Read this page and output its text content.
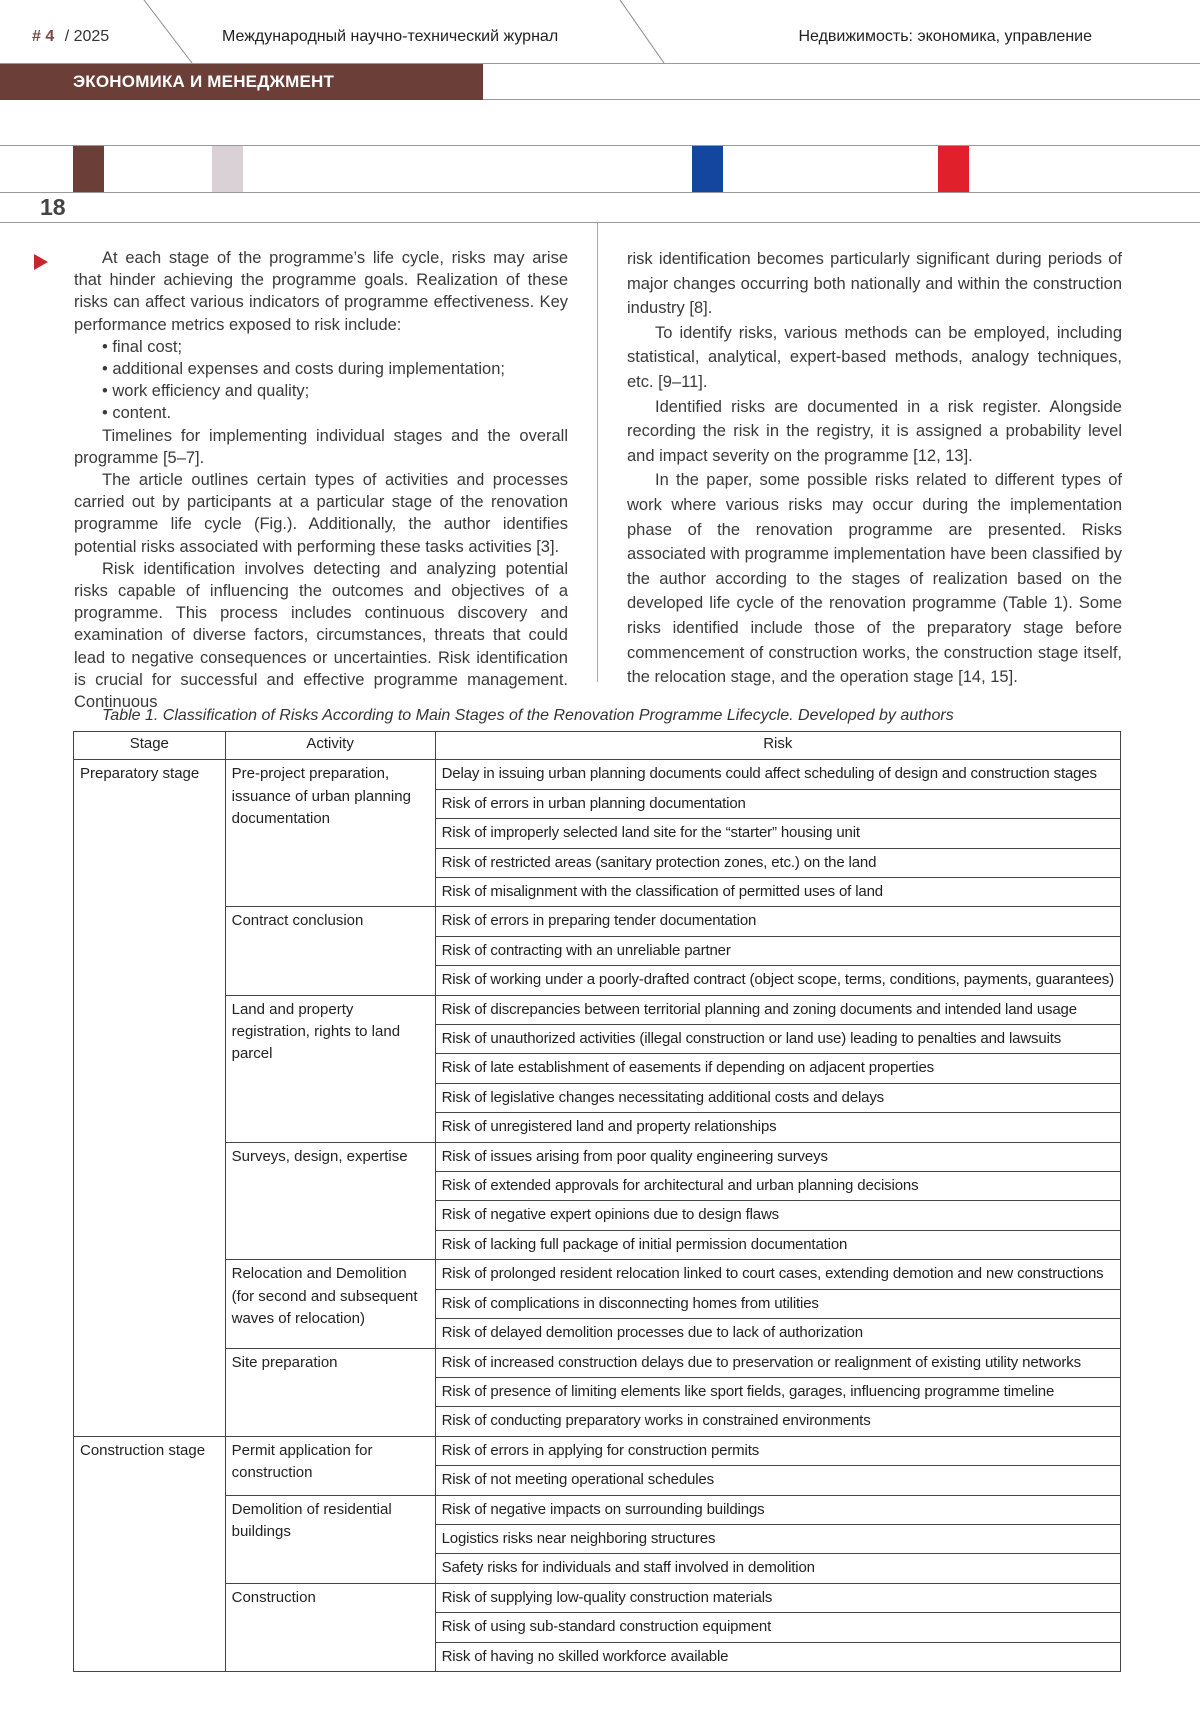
# 4 / 2025	Международный научно-технический журнал	Недвижимость: экономика, управление
ЭКОНОМИКА И МЕНЕДЖМЕНТ НЕДВИЖИМОСТИ
18

At each stage of the programme’s life cycle, risks may arise that hinder achieving the programme goals. Realization of these risks can affect various indicators of programme effectiveness. Key performance metrics exposed to risk include:

• final cost;
• additional expenses and costs during implementation;
• work efficiency and quality;
• content.

Timelines for implementing individual stages and the overall programme [5–7].

The article outlines certain types of activities and processes carried out by participants at a particular stage of the renovation programme life cycle (Fig.). Additionally, the author identifies potential risks associated with performing these tasks activities [3].

Risk identification involves detecting and analyzing potential risks capable of influencing the outcomes and objectives of a programme. This process includes continuous discovery and examination of diverse factors, circumstances, threats that could lead to negative consequences or uncertainties. Risk identification is crucial for successful and effective programme management. Continuous

risk identification becomes particularly significant during periods of major changes occurring both nationally and within the construction industry [8].

To identify risks, various methods can be employed, including statistical, analytical, expert-based methods, analogy techniques, etc. [9–11].

Identified risks are documented in a risk register. Alongside recording the risk in the registry, it is assigned a probability level and impact severity on the programme [12, 13].

In the paper, some possible risks related to different types of work where various risks may occur during the implementation phase of the renovation programme are presented. Risks associated with programme implementation have been classified by the author according to the stages of realization based on the developed life cycle of the renovation programme (Table 1). Some risks identified include those of the preparatory stage before commencement of construction works, the construction stage itself, the relocation stage, and the operation stage [14, 15].

Table 1. Classification of Risks According to Main Stages of the Renovation Programme Lifecycle. Developed by authors
Stage	Activity	Risk
Preparatory stage	Pre-project preparation, issuance of urban planning documentation	Delay in issuing urban planning documents could affect scheduling of design and construction stages
		Risk of errors in urban planning documentation
		Risk of improperly selected land site for the “starter” housing unit
		Risk of restricted areas (sanitary protection zones, etc.) on the land
		Risk of misalignment with the classification of permitted uses of land
	Contract conclusion	Risk of errors in preparing tender documentation
		Risk of contracting with an unreliable partner
		Risk of working under a poorly-drafted contract (object scope, terms, conditions, payments, guarantees)
	Land and property registration, rights to land parcel	Risk of discrepancies between territorial planning and zoning documents and intended land usage
		Risk of unauthorized activities (illegal construction or land use) leading to penalties and lawsuits
		Risk of late establishment of easements if depending on adjacent properties
		Risk of legislative changes necessitating additional costs and delays
		Risk of unregistered land and property relationships
	Surveys, design, expertise	Risk of issues arising from poor quality engineering surveys
		Risk of extended approvals for architectural and urban planning decisions
		Risk of negative expert opinions due to design flaws
		Risk of lacking full package of initial permission documentation
	Relocation and Demolition (for second and subsequent waves of relocation)	Risk of prolonged resident relocation linked to court cases, extending demotion and new constructions
		Risk of complications in disconnecting homes from utilities
		Risk of delayed demolition processes due to lack of authorization
	Site preparation	Risk of increased construction delays due to preservation or realignment of existing utility networks
		Risk of presence of limiting elements like sport fields, garages, influencing programme timeline
		Risk of conducting preparatory works in constrained environments
Construction stage	Permit application for construction	Risk of errors in applying for construction permits
		Risk of not meeting operational schedules
	Demolition of residential buildings	Risk of negative impacts on surrounding buildings
		Logistics risks near neighboring structures
		Safety risks for individuals and staff involved in demolition
	Construction	Risk of supplying low-quality construction materials
		Risk of using sub-standard construction equipment
		Risk of having no skilled workforce available
